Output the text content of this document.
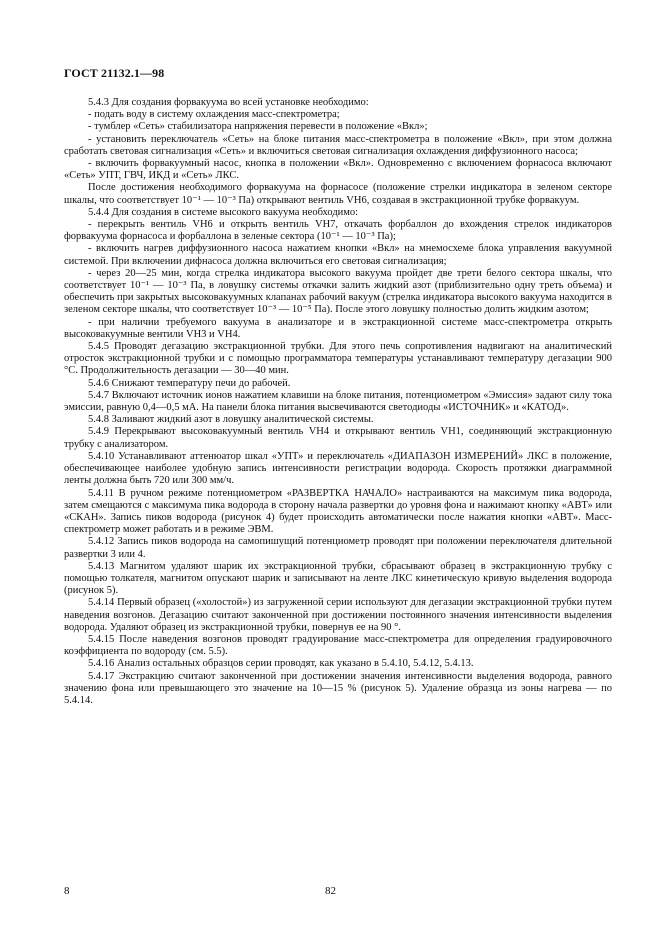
ГОСТ 21132.1—98

5.4.3 Для создания форвакуума во всей установке необходимо:

- подать воду в систему охлаждения масс-спектрометра;

- тумблер «Сеть» стабилизатора напряжения перевести в положение «Вкл»;

- установить переключатель «Сеть» на блоке питания масс-спектрометра в положение «Вкл», при этом должна сработать световая сигнализация «Сеть» и включиться световая сигнализация охлаждения диффузионного насоса;

- включить форвакуумный насос, кнопка в положении «Вкл». Одновременно с включением форнасоса включают «Сеть» УПТ, ГВЧ, ИКД и «Сеть» ЛКС.

После достижения необходимого форвакуума на форнасосе (положение стрелки индикатора в зеленом секторе шкалы, что соответствует 10⁻¹ — 10⁻³ Па) открывают вентиль VH6, создавая в экстракционной трубке форвакуум.

5.4.4 Для создания в системе высокого вакуума необходимо:

- перекрыть вентиль VH6 и открыть вентиль VH7, откачать форбаллон до вхождения стрелок индикаторов форвакуума форнасоса и форбаллона в зеленые сектора (10⁻¹ — 10⁻³ Па);

- включить нагрев диффузионного насоса нажатием кнопки «Вкл» на мнемосхеме блока управления вакуумной системой. При включении дифнасоса должна включиться его световая сигнализация;

- через 20—25 мин, когда стрелка индикатора высокого вакуума пройдет две трети белого сектора шкалы, что соответствует 10⁻¹ — 10⁻³ Па, в ловушку системы откачки залить жидкий азот (приблизительно одну треть объема) и обеспечить при закрытых высоковакуумных клапанах рабочий вакуум (стрелка индикатора высокого вакуума находится в зеленом секторе шкалы, что соответствует 10⁻³ — 10⁻⁵ Па). После этого ловушку полностью долить жидким азотом;

- при наличии требуемого вакуума в анализаторе и в экстракционной системе масс-спектрометра открыть высоковакуумные вентили VH3 и VH4.

5.4.5 Проводят дегазацию экстракционной трубки. Для этого печь сопротивления надвигают на аналитический отросток экстракционной трубки и с помощью программатора температуры устанавливают температуру дегазации 900 °С. Продолжительность дегазации — 30—40 мин.

5.4.6 Снижают температуру печи до рабочей.

5.4.7 Включают источник ионов нажатием клавиши на блоке питания, потенциометром «Эмиссия» задают силу тока эмиссии, равную 0,4—0,5 мА. На панели блока питания высвечиваются светодиоды «ИСТОЧНИК» и «КАТОД».

5.4.8 Заливают жидкий азот в ловушку аналитической системы.

5.4.9 Перекрывают высоковакуумный вентиль VH4 и открывают вентиль VH1, соединяющий экстракционную трубку с анализатором.

5.4.10 Устанавливают аттенюатор шкал «УПТ» и переключатель «ДИАПАЗОН ИЗМЕРЕНИЙ» ЛКС в положение, обеспечивающее наиболее удобную запись интенсивности регистрации водорода. Скорость протяжки диаграммной ленты должна быть 720 или 300 мм/ч.

5.4.11 В ручном режиме потенциометром «РАЗВЕРТКА НАЧАЛО» настраиваются на максимум пика водорода, затем смещаются с максимума пика водорода в сторону начала развертки до уровня фона и нажимают кнопку «АВТ» или «СКАН». Запись пиков водорода (рисунок 4) будет происходить автоматически после нажатия кнопки «АВТ». Масс-спектрометр может работать и в режиме ЭВМ.

5.4.12 Запись пиков водорода на самопишущий потенциометр проводят при положении переключателя длительной развертки 3 или 4.

5.4.13 Магнитом удаляют шарик их экстракционной трубки, сбрасывают образец в экстракционную трубку с помощью толкателя, магнитом опускают шарик и записывают на ленте ЛКС кинетическую кривую выделения водорода (рисунок 5).

5.4.14 Первый образец («холостой») из загруженной серии используют для дегазации экстракционной трубки путем наведения возгонов. Дегазацию считают законченной при достижении постоянного значения интенсивности выделения водорода. Удаляют образец из экстракционной трубки, повернув ее на 90 °.

5.4.15 После наведения возгонов проводят градуирование масс-спектрометра для определения градуировочного коэффициента по водороду (см. 5.5).

5.4.16 Анализ остальных образцов серии проводят, как указано в 5.4.10, 5.4.12, 5.4.13.

5.4.17 Экстракцию считают законченной при достижении значения интенсивности выделения водорода, равного значению фона или превышающего это значение на 10—15 % (рисунок 5). Удаление образца из зоны нагрева — по 5.4.14.

8	82
